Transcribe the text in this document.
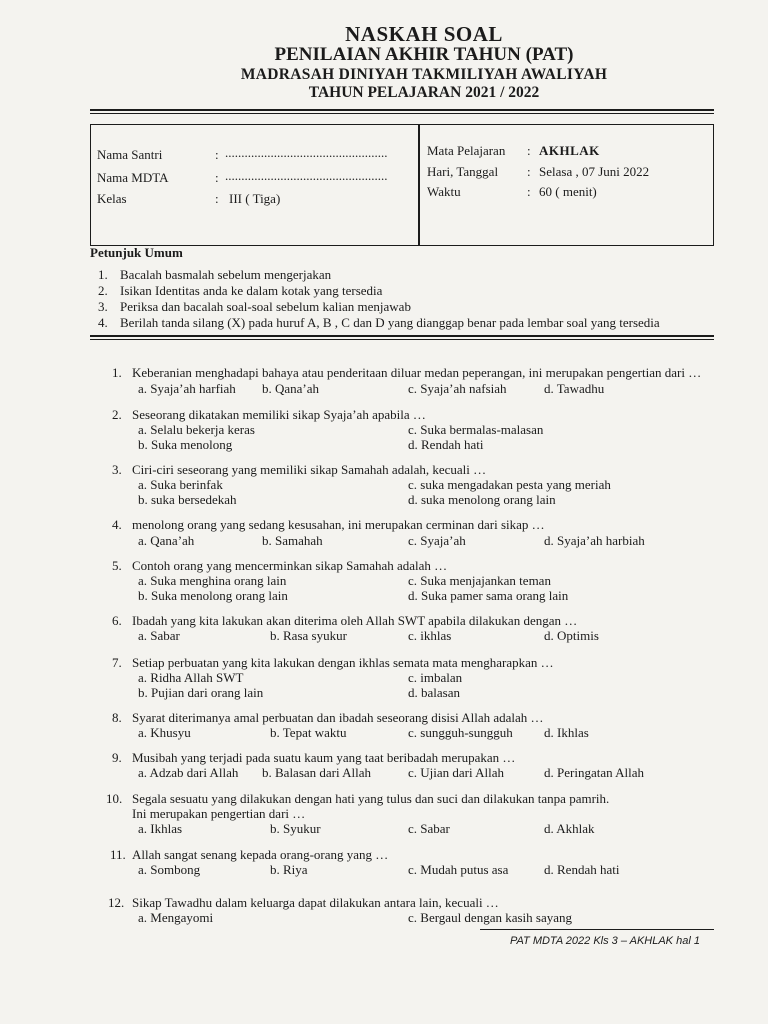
NASKAH SOAL
PENILAIAN AKHIR TAHUN (PAT)
MADRASAH DINIYAH TAKMILIYAH AWALIYAH
TAHUN PELAJARAN 2021 / 2022
Nama Santri	: ..................................................
Nama MDTA	: ..................................................
Kelas	: III ( Tiga)
Mata Pelajaran : AKHLAK
Hari, Tanggal : Selasa , 07 Juni 2022
Waktu	: 60 ( menit)
Petunjuk Umum
1. Bacalah basmalah sebelum mengerjakan
2. Isikan Identitas anda ke dalam kotak yang tersedia
3. Periksa dan bacalah soal-soal sebelum kalian menjawab
4. Berilah tanda silang (X) pada huruf A, B , C dan D yang dianggap benar pada lembar soal yang tersedia
1. Keberanian menghadapi bahaya atau penderitaan diluar medan peperangan, ini merupakan pengertian dari …
a. Syaja’ah harfiah b. Qana’ah	c. Syaja’ah nafsiah	d. Tawadhu
2. Seseorang dikatakan memiliki sikap Syaja’ah apabila …
a. Selalu bekerja keras
b. Suka menolong
c. Suka bermalas-malasan
d. Rendah hati
3. Ciri-ciri seseorang yang memiliki sikap Samahah adalah, kecuali …
a. Suka berinfak
b. suka bersedekah
c. suka mengadakan pesta yang meriah
d. suka menolong orang lain
4. menolong orang yang sedang kesusahan, ini merupakan cerminan dari sikap …
a. Qana’ah	b. Samahah	c. Syaja’ah	d. Syaja’ah harbiah
5. Contoh orang yang mencerminkan sikap Samahah adalah …
a. Suka menghina orang lain
b. Suka menolong orang lain
c. Suka menjajankan teman
d. Suka pamer sama orang lain
6. Ibadah yang kita lakukan akan diterima oleh Allah SWT apabila dilakukan dengan …
a. Sabar	b. Rasa syukur	c. ikhlas	d. Optimis
7. Setiap perbuatan yang kita lakukan dengan ikhlas semata mata mengharapkan …
a. Ridha Allah SWT
b. Pujian dari orang lain
c. imbalan
d. balasan
8. Syarat diterimanya amal perbuatan dan ibadah seseorang disisi Allah adalah …
a. Khusyu	b. Tepat waktu	c. sungguh-sungguh d. Ikhlas
9. Musibah yang terjadi pada suatu kaum yang taat beribadah merupakan …
a. Adzab dari Allah b. Balasan dari Allah	c. Ujian dari Allah	d. Peringatan Allah
10. Segala sesuatu yang dilakukan dengan hati yang tulus dan suci dan dilakukan tanpa pamrih.
Ini merupakan pengertian dari …
a. Ikhlas	b. Syukur	c. Sabar	d. Akhlak
11. Allah sangat senang kepada orang-orang yang …
a. Sombong	b. Riya	c. Mudah putus asa	d. Rendah hati
12. Sikap Tawadhu dalam keluarga dapat dilakukan antara lain, kecuali …
a. Mengayomi	c. Bergaul dengan kasih sayang
PAT MDTA 2022 Kls 3 – AKHLAK hal 1
